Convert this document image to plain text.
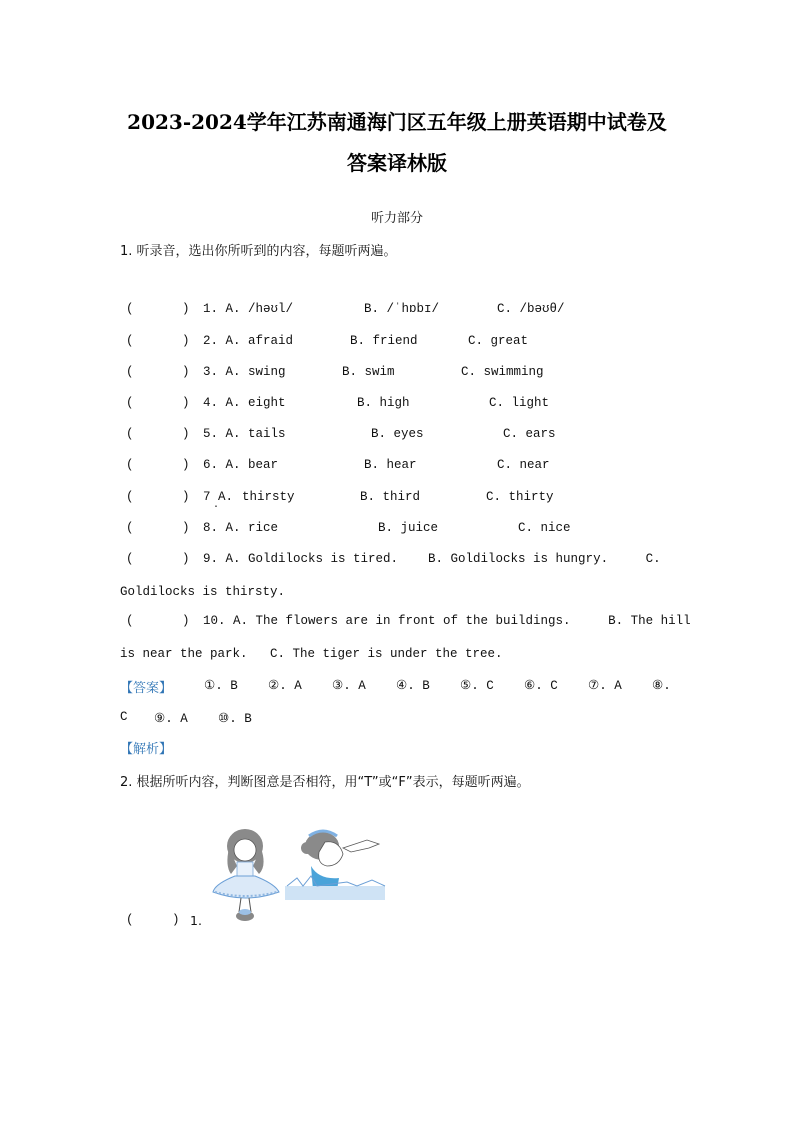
2023-2024学年江苏南通海门区五年级上册英语期中试卷及
答案译林版
听力部分
1. 听录音，选出你所听到的内容，每题听两遍。
(	) 1. A. /həʊl/	B. /ˈhɒbɪ/	C. /bəʊθ/
(	) 2. A. afraid	B. friend	C. great
(	) 3. A. swing	B. swim	C. swimming
(	) 4. A. eight	B. high	C. light
(	) 5. A. tails	B. eyes	C. ears
(	) 6. A. bear	B. hear	C. near
(	) 7 A. thirsty	B. third	C. thirty
·
(	) 8. A. rice	B. juice	C. nice
(	) 9. A. Goldilocks is tired.    B. Goldilocks is hungry.     C.
Goldilocks is thirsty.
(	) 10. A. The flowers are in front of the buildings.     B. The hill
is near the park.   C. The tiger is under the tree.
【答案】	①. B ②. A ③. A ④. B ⑤. C ⑥. C ⑦. A ⑧.
C ⑨. A ⑩. B
【解析】
2. 根据所听内容，判断图意是否相符，用“T”或“F”表示，每题听两遍。
(	) 1.
